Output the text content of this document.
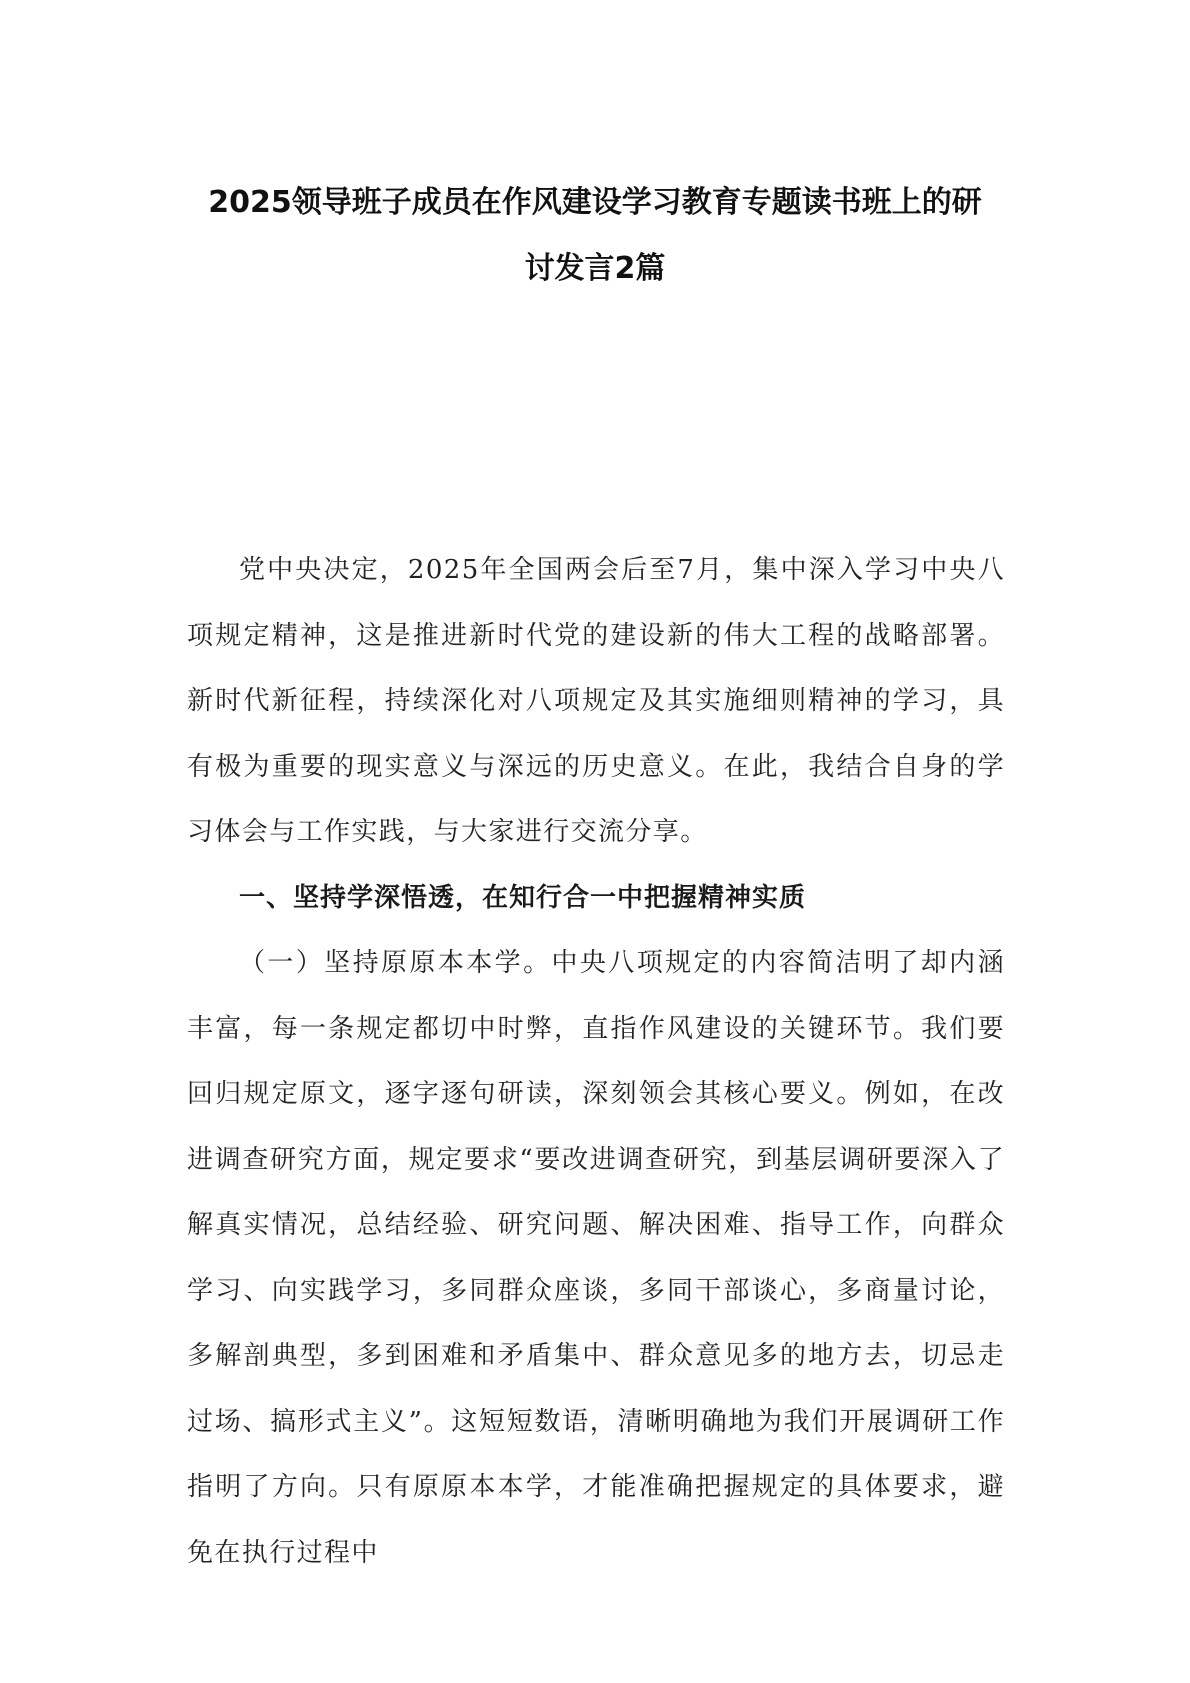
2025领导班子成员在作风建设学习教育专题读书班上的研
讨发言2篇

党中央决定，2025年全国两会后至7月，集中深入学习中央八项规定精神，这是推进新时代党的建设新的伟大工程的战略部署。新时代新征程，持续深化对八项规定及其实施细则精神的学习，具有极为重要的现实意义与深远的历史意义。在此，我结合自身的学习体会与工作实践，与大家进行交流分享。

一、坚持学深悟透，在知行合一中把握精神实质

（一）坚持原原本本学。中央八项规定的内容简洁明了却内涵丰富，每一条规定都切中时弊，直指作风建设的关键环节。我们要回归规定原文，逐字逐句研读，深刻领会其核心要义。例如，在改进调查研究方面，规定要求“要改进调查研究，到基层调研要深入了解真实情况，总结经验、研究问题、解决困难、指导工作，向群众学习、向实践学习，多同群众座谈，多同干部谈心，多商量讨论，多解剖典型，多到困难和矛盾集中、群众意见多的地方去，切忌走过场、搞形式主义”。这短短数语，清晰明确地为我们开展调研工作指明了方向。只有原原本本学，才能准确把握规定的具体要求，避免在执行过程中
